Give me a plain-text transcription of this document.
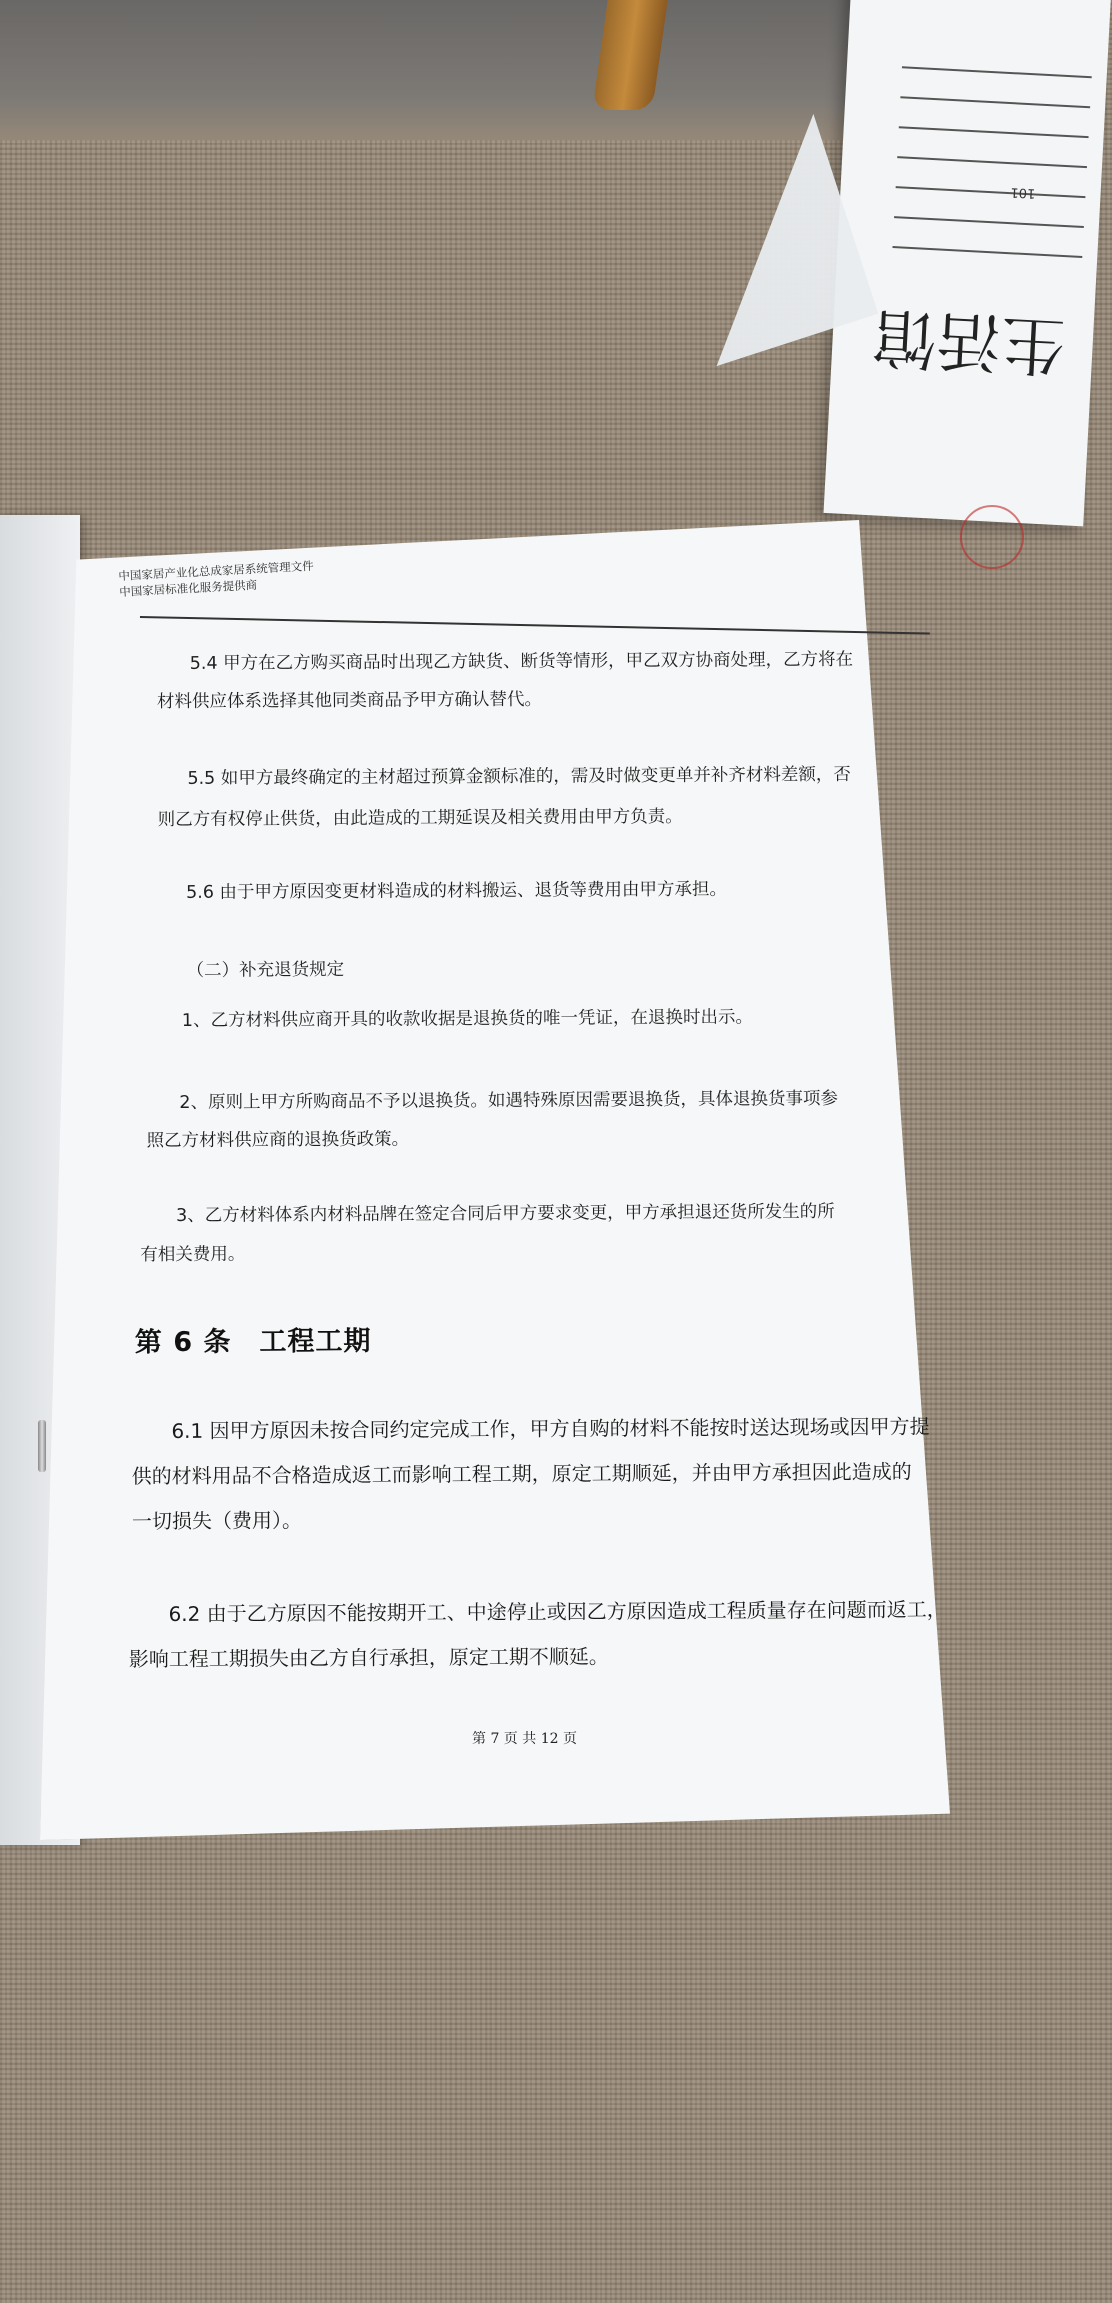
101
生活馆
中国家居产业化总成家居系统管理文件
中国家居标准化服务提供商
5.4 甲方在乙方购买商品时出现乙方缺货、断货等情形，甲乙双方协商处理，乙方将在
材料供应体系选择其他同类商品予甲方确认替代。
5.5 如甲方最终确定的主材超过预算金额标准的，需及时做变更单并补齐材料差额，否
则乙方有权停止供货，由此造成的工期延误及相关费用由甲方负责。
5.6 由于甲方原因变更材料造成的材料搬运、退货等费用由甲方承担。
（二）补充退货规定
1、乙方材料供应商开具的收款收据是退换货的唯一凭证，在退换时出示。
2、原则上甲方所购商品不予以退换货。如遇特殊原因需要退换货，具体退换货事项参
照乙方材料供应商的退换货政策。
3、乙方材料体系内材料品牌在签定合同后甲方要求变更，甲方承担退还货所发生的所
有相关费用。
第 6 条　工程工期
6.1 因甲方原因未按合同约定完成工作，甲方自购的材料不能按时送达现场或因甲方提
供的材料用品不合格造成返工而影响工程工期，原定工期顺延，并由甲方承担因此造成的
一切损失（费用）。
6.2 由于乙方原因不能按期开工、中途停止或因乙方原因造成工程质量存在问题而返工，
影响工程工期损失由乙方自行承担，原定工期不顺延。
第 7 页 共 12 页
